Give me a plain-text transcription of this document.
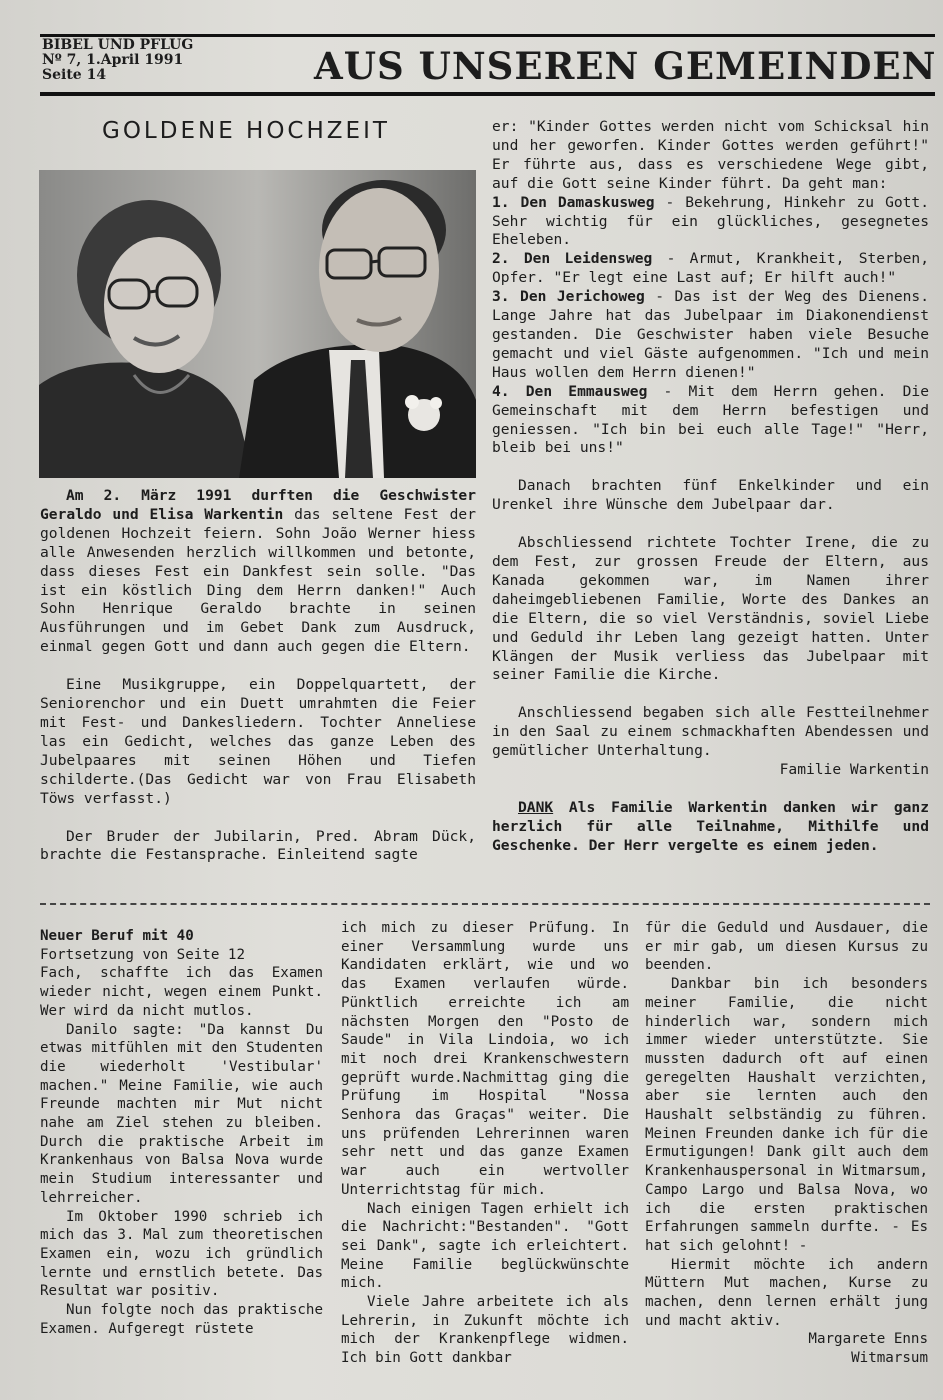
BIBEL UND PFLUG
Nº 7, 1.April 1991
Seite 14	AUS UNSEREN GEMEINDEN
GOLDENE HOCHZEIT

Am 2. März 1991 durften die Geschwister Geraldo und Elisa Warkentin das seltene Fest der goldenen Hochzeit feiern. Sohn João Werner hiess alle Anwesenden herzlich willkommen und betonte, dass dieses Fest ein Dankfest sein solle. "Das ist ein köstlich Ding dem Herrn danken!" Auch Sohn Henrique Geraldo brachte in seinen Ausführungen und im Gebet Dank zum Ausdruck, einmal gegen Gott und dann auch gegen die Eltern.

Eine Musikgruppe, ein Doppelquartett, der Seniorenchor und ein Duett umrahmten die Feier mit Fest- und Dankesliedern. Tochter Anneliese las ein Gedicht, welches das ganze Leben des Jubelpaares mit seinen Höhen und Tiefen schilderte.(Das Gedicht war von Frau Elisabeth Töws verfasst.)

Der Bruder der Jubilarin, Pred. Abram Dück, brachte die Festansprache. Einleitend sagte

er: "Kinder Gottes werden nicht vom Schicksal hin und her geworfen. Kinder Gottes werden geführt!" Er führte aus, dass es verschiedene Wege gibt, auf die Gott seine Kinder führt. Da geht man:

1. Den Damaskusweg - Bekehrung, Hinkehr zu Gott. Sehr wichtig für ein glückliches, gesegnetes Eheleben.

2. Den Leidensweg - Armut, Krankheit, Sterben, Opfer. "Er legt eine Last auf; Er hilft auch!"

3. Den Jerichoweg - Das ist der Weg des Dienens. Lange Jahre hat das Jubelpaar im Diakonendienst gestanden. Die Geschwister haben viele Besuche gemacht und viel Gäste aufgenommen. "Ich und mein Haus wollen dem Herrn dienen!"

4. Den Emmausweg - Mit dem Herrn gehen. Die Gemeinschaft mit dem Herrn befestigen und geniessen. "Ich bin bei euch alle Tage!" "Herr, bleib bei uns!"

Danach brachten fünf Enkelkinder und ein Urenkel ihre Wünsche dem Jubelpaar dar.

Abschliessend richtete Tochter Irene, die zu dem Fest, zur grossen Freude der Eltern, aus Kanada gekommen war, im Namen ihrer daheimgebliebenen Familie, Worte des Dankes an die Eltern, die so viel Verständnis, soviel Liebe und Geduld ihr Leben lang gezeigt hatten. Unter Klängen der Musik verliess das Jubelpaar mit seiner Familie die Kirche.

Anschliessend begaben sich alle Festteilnehmer in den Saal zu einem schmackhaften Abendessen und gemütlicher Unterhaltung.

Familie Warkentin

DANK Als Familie Warkentin danken wir ganz herzlich für alle Teilnahme, Mithilfe und Geschenke. Der Herr vergelte es einem jeden.

Neuer Beruf mit 40

Fortsetzung von Seite 12

Fach, schaffte ich das Examen wieder nicht, wegen einem Punkt. Wer wird da nicht mutlos.

Danilo sagte: "Da kannst Du etwas mitfühlen mit den Studenten die wiederholt 'Vestibular' machen." Meine Familie, wie auch Freunde machten mir Mut nicht nahe am Ziel stehen zu bleiben. Durch die praktische Arbeit im Krankenhaus von Balsa Nova wurde mein Studium interessanter und lehrreicher.

Im Oktober 1990 schrieb ich mich das 3. Mal zum theoretischen Examen ein, wozu ich gründlich lernte und ernstlich betete. Das Resultat war positiv.

Nun folgte noch das praktische Examen. Aufgeregt rüstete

ich mich zu dieser Prüfung. In einer Versammlung wurde uns Kandidaten erklärt, wie und wo das Examen verlaufen würde. Pünktlich erreichte ich am nächsten Morgen den "Posto de Saude" in Vila Lindoia, wo ich mit noch drei Krankenschwestern geprüft wurde.Nachmittag ging die Prüfung im Hospital "Nossa Senhora das Graças" weiter. Die uns prüfenden Lehrerinnen waren sehr nett und das ganze Examen war auch ein wertvoller Unterrichtstag für mich.

Nach einigen Tagen erhielt ich die Nachricht:"Bestanden". "Gott sei Dank", sagte ich erleichtert. Meine Familie beglückwünschte mich.

Viele Jahre arbeitete ich als Lehrerin, in Zukunft möchte ich mich der Krankenpflege widmen. Ich bin Gott dankbar

für die Geduld und Ausdauer, die er mir gab, um diesen Kursus zu beenden.

Dankbar bin ich besonders meiner Familie, die nicht hinderlich war, sondern mich immer wieder unterstützte. Sie mussten dadurch oft auf einen geregelten Haushalt verzichten, aber sie lernten auch den Haushalt selbständig zu führen. Meinen Freunden danke ich für die Ermutigungen! Dank gilt auch dem Krankenhauspersonal in Witmarsum, Campo Largo und Balsa Nova, wo ich die ersten praktischen Erfahrungen sammeln durfte. - Es hat sich gelohnt! -

Hiermit möchte ich andern Müttern Mut machen, Kurse zu machen, denn lernen erhält jung und macht aktiv.

Margarete Enns

Witmarsum
